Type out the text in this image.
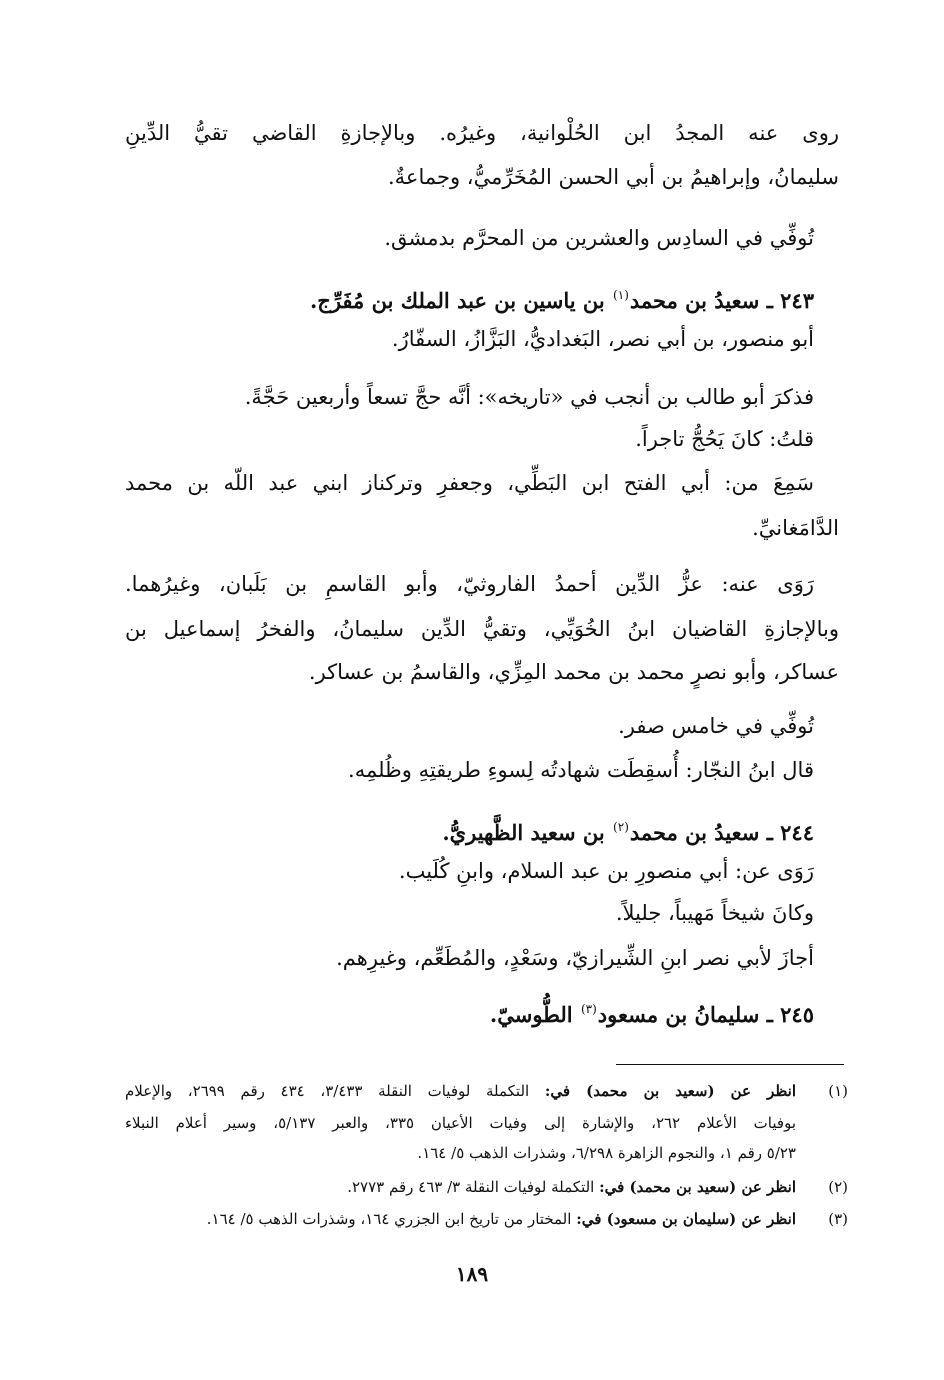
روى عنه المجدُ ابن الحُلْوانية، وغيرُه. وبالإجازةِ القاضي تقيُّ الدِّينِ
سليمانُ، وإبراهيمُ بن أبي الحسن المُخَرِّميُّ، وجماعةٌ.
تُوفِّي في السادِس والعشرين من المحرَّم بدمشق.
٢٤٣ ـ سعيدُ بن محمد$^{(١)}$ بن ياسين بن عبد الملك بن مُفَرِّج.
أبو منصور، بن أبي نصر، البَغداديُّ، البَزَّازُ، السفّارُ.
فذكرَ أبو طالب بن أنجب في «تاريخه»: أنَّه حجَّ تسعاً وأربعين حَجَّةً.
قلتُ: كانَ يَحُجُّ تاجراً.
سَمِعَ من: أبي الفتح ابن البَطِّي، وجعفرِ وتركناز ابني عبد اللّه بن محمد
الدَّامَغانيِّ.
رَوَى عنه: عزُّ الدِّين أحمدُ الفاروثيّ، وأبو القاسمِ بن بَلَبان، وغيرُهما.
وبالإجازةِ القاضيان ابنُ الخُوَيِّي، وتقيُّ الدِّين سليمانُ، والفخرُ إسماعيل بن
عساكر، وأبو نصرٍ محمد بن محمد المِزِّي، والقاسمُ بن عساكر.
تُوفِّي في خامس صفر.
قال ابنُ النجّار: أُسقِطَت شهادتُه لِسوءِ طريقتِهِ وظُلمِه.
٢٤٤ ـ سعيدُ بن محمد$^{(٢)}$ بن سعيد الظَّهيريُّ.
رَوَى عن: أبي منصورِ بن عبد السلام، وابنِ كُلَيب.
وكانَ شيخاً مَهيباً، جليلاً.
أجازَ لأبي نصر ابنِ الشِّيرازيّ، وسَعْدٍ، والمُطَعِّم، وغيرِهم.
٢٤٥ ـ سليمانُ بن مسعود$^{(٣)}$ الطُّوسيّ.
(١)
انظر عن (سعيد بن محمد) في: التكملة لوفيات النقلة ٣/٤٣٣، ٤٣٤ رقم ٢٦٩٩، والإعلام
بوفيات الأعلام ٢٦٢، والإشارة إلى وفيات الأعيان ٣٣٥، والعبر ٥/١٣٧، وسير أعلام النبلاء
٥/٢٣ رقم ١، والنجوم الزاهرة ٦/٢٩٨، وشذرات الذهب ٥/ ١٦٤.
(٢)
انظر عن (سعيد بن محمد) في: التكملة لوفيات النقلة ٣/ ٤٦٣ رقم ٢٧٧٣.
(٣)
انظر عن (سليمان بن مسعود) في: المختار من تاريخ ابن الجزري ١٦٤، وشذرات الذهب ٥/ ١٦٤.
١٨٩
